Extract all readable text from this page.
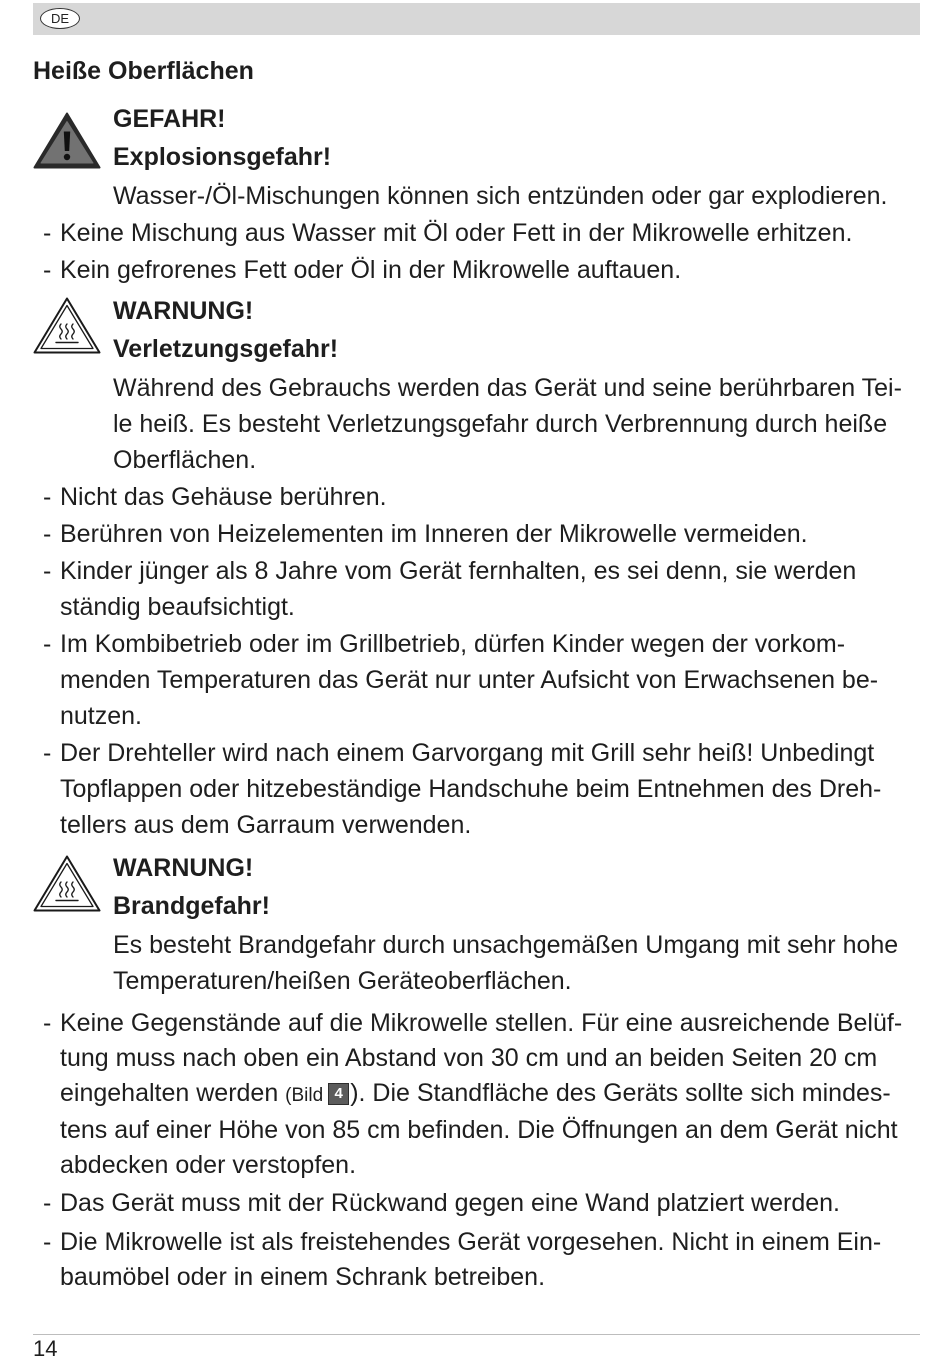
DE
Heiße Oberflächen
GEFAHR!
Explosionsgefahr!
Wasser-/Öl-Mischungen können sich entzünden oder gar explodieren.
- Keine Mischung aus Wasser mit Öl oder Fett in der Mikrowelle erhitzen.
- Kein gefrorenes Fett oder Öl in der Mikrowelle auftauen.
WARNUNG!
Verletzungsgefahr!
Während des Gebrauchs werden das Gerät und seine berührbaren Tei-
le heiß. Es besteht Verletzungsgefahr durch Verbrennung durch heiße
Oberflächen.
- Nicht das Gehäuse berühren.
- Berühren von Heizelementen im Inneren der Mikrowelle vermeiden.
- Kinder jünger als 8 Jahre vom Gerät fernhalten, es sei denn, sie werden
ständig beaufsichtigt.
- Im Kombibetrieb oder im Grillbetrieb, dürfen Kinder wegen der vorkom-
menden Temperaturen das Gerät nur unter Aufsicht von Erwachsenen be-
nutzen.
- Der Drehteller wird nach einem Garvorgang mit Grill sehr heiß! Unbedingt
Topflappen oder hitzebeständige Handschuhe beim Entnehmen des Dreh-
tellers aus dem Garraum verwenden.
WARNUNG!
Brandgefahr!
Es besteht Brandgefahr durch unsachgemäßen Umgang mit sehr hohe
Temperaturen/heißen Geräteoberflächen.
- Keine Gegenstände auf die Mikrowelle stellen. Für eine ausreichende Belüf-
tung muss nach oben ein Abstand von 30 cm und an beiden Seiten 20 cm
eingehalten werden (Bild 4 ). Die Standfläche des Geräts sollte sich mindes-
tens auf einer Höhe von 85 cm befinden. Die Öffnungen an dem Gerät nicht
abdecken oder verstopfen.
- Das Gerät muss mit der Rückwand gegen eine Wand platziert werden.
- Die Mikrowelle ist als freistehendes Gerät vorgesehen. Nicht in einem Ein-
baumöbel oder in einem Schrank betreiben.
14
